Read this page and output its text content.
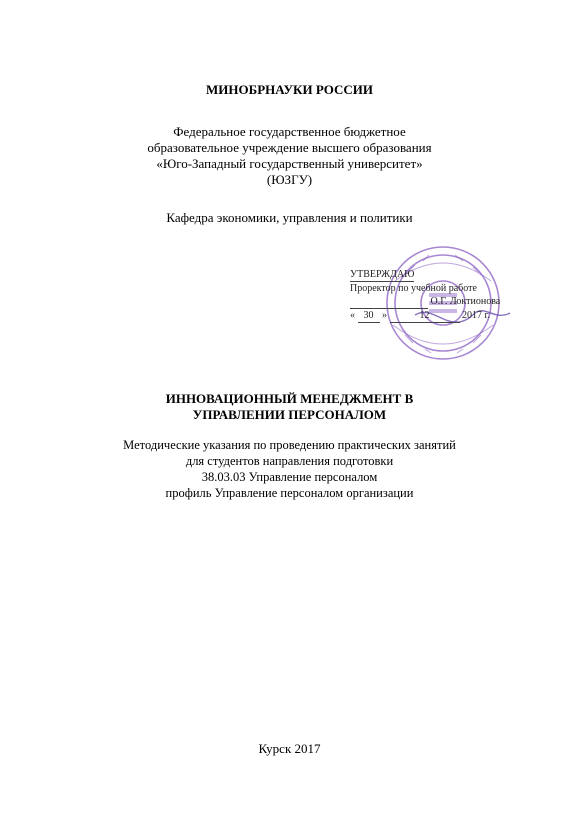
МИНОБРНАУКИ РОССИИ
Федеральное государственное бюджетное
образовательное учреждение высшего образования
«Юго-Западный государственный университет»
(ЮЗГУ)
Кафедра экономики, управления и политики
УТВЕРЖДАЮ
Проректор по учебной работе
О.Г. Локтионова
« 30 »	12	2017 г.
ИННОВАЦИОННЫЙ МЕНЕДЖМЕНТ В
УПРАВЛЕНИИ ПЕРСОНАЛОМ
Методические указания по проведению практических занятий
для студентов направления подготовки
38.03.03 Управление персоналом
профиль Управление персоналом организации
Курск 2017
